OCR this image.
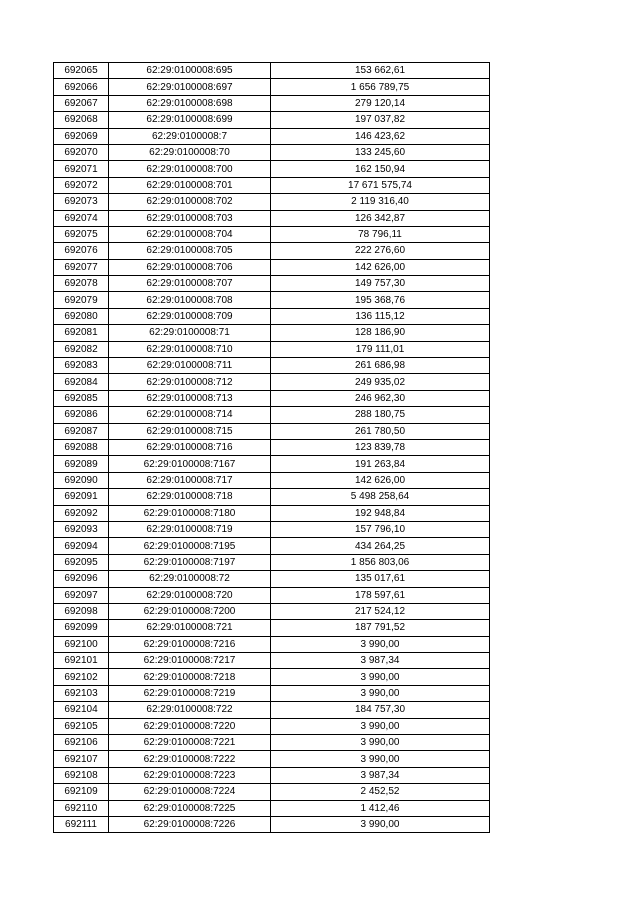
692065	62:29:0100008:695	153 662,61
692066	62:29:0100008:697	1 656 789,75
692067	62:29:0100008:698	279 120,14
692068	62:29:0100008:699	197 037,82
692069	62:29:0100008:7	146 423,62
692070	62:29:0100008:70	133 245,60
692071	62:29:0100008:700	162 150,94
692072	62:29:0100008:701	17 671 575,74
692073	62:29:0100008:702	2 119 316,40
692074	62:29:0100008:703	126 342,87
692075	62:29:0100008:704	78 796,11
692076	62:29:0100008:705	222 276,60
692077	62:29:0100008:706	142 626,00
692078	62:29:0100008:707	149 757,30
692079	62:29:0100008:708	195 368,76
692080	62:29:0100008:709	136 115,12
692081	62:29:0100008:71	128 186,90
692082	62:29:0100008:710	179 111,01
692083	62:29:0100008:711	261 686,98
692084	62:29:0100008:712	249 935,02
692085	62:29:0100008:713	246 962,30
692086	62:29:0100008:714	288 180,75
692087	62:29:0100008:715	261 780,50
692088	62:29:0100008:716	123 839,78
692089	62:29:0100008:7167	191 263,84
692090	62:29:0100008:717	142 626,00
692091	62:29:0100008:718	5 498 258,64
692092	62:29:0100008:7180	192 948,84
692093	62:29:0100008:719	157 796,10
692094	62:29:0100008:7195	434 264,25
692095	62:29:0100008:7197	1 856 803,06
692096	62:29:0100008:72	135 017,61
692097	62:29:0100008:720	178 597,61
692098	62:29:0100008:7200	217 524,12
692099	62:29:0100008:721	187 791,52
692100	62:29:0100008:7216	3 990,00
692101	62:29:0100008:7217	3 987,34
692102	62:29:0100008:7218	3 990,00
692103	62:29:0100008:7219	3 990,00
692104	62:29:0100008:722	184 757,30
692105	62:29:0100008:7220	3 990,00
692106	62:29:0100008:7221	3 990,00
692107	62:29:0100008:7222	3 990,00
692108	62:29:0100008:7223	3 987,34
692109	62:29:0100008:7224	2 452,52
692110	62:29:0100008:7225	1 412,46
692111	62:29:0100008:7226	3 990,00
